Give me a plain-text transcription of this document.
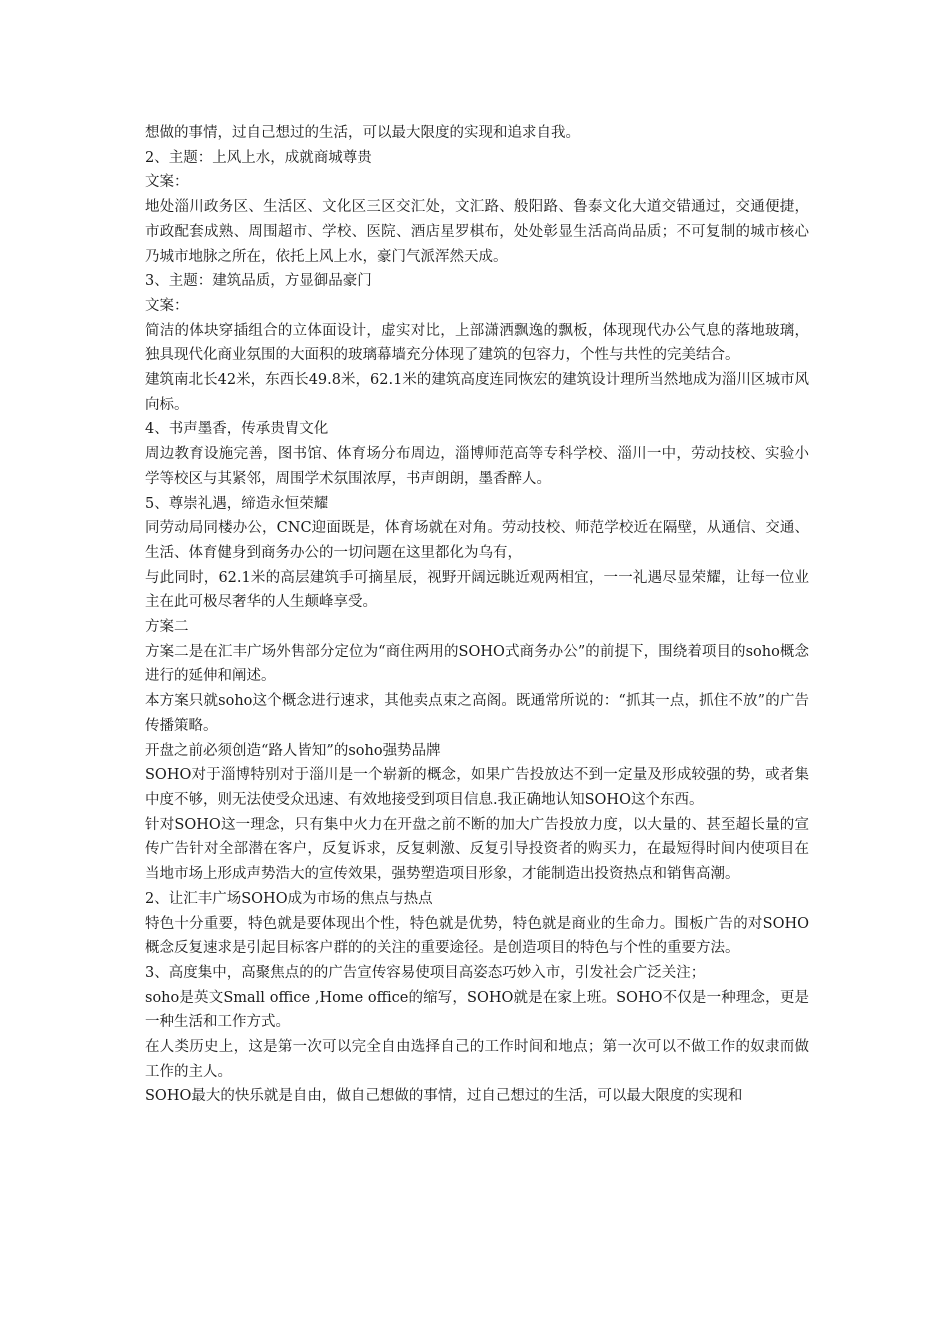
想做的事情，过自己想过的生活，可以最大限度的实现和追求自我。

2、主题：上风上水，成就商城尊贵

文案：

地处淄川政务区、生活区、文化区三区交汇处，文汇路、般阳路、鲁泰文化大道交错通过，交通便捷，市政配套成熟、周围超市、学校、医院、酒店星罗棋布，处处彰显生活高尚品质；不可复制的城市核心乃城市地脉之所在，依托上风上水，豪门气派浑然天成。

3、主题：建筑品质，方显御品豪门

文案：

简洁的体块穿插组合的立体面设计，虚实对比，上部潇洒飘逸的飘板，体现现代办公气息的落地玻璃，独具现代化商业氛围的大面积的玻璃幕墙充分体现了建筑的包容力，个性与共性的完美结合。

建筑南北长42米，东西长49.8米，62.1米的建筑高度连同恢宏的建筑设计理所当然地成为淄川区城市风向标。

4、书声墨香，传承贵胄文化

周边教育设施完善，图书馆、体育场分布周边，淄博师范高等专科学校、淄川一中，劳动技校、实验小学等校区与其紧邻，周围学术氛围浓厚，书声朗朗，墨香醉人。

5、尊崇礼遇，缔造永恒荣耀

同劳动局同楼办公，CNC迎面既是，体育场就在对角。劳动技校、师范学校近在隔壁，从通信、交通、生活、体育健身到商务办公的一切问题在这里都化为乌有，

与此同时，62.1米的高层建筑手可摘星辰，视野开阔远眺近观两相宜，一一礼遇尽显荣耀，让每一位业主在此可极尽奢华的人生颠峰享受。

方案二

方案二是在汇丰广场外售部分定位为“商住两用的SOHO式商务办公”的前提下，围绕着项目的soho概念进行的延伸和阐述。

本方案只就soho这个概念进行速求，其他卖点束之高阁。既通常所说的：“抓其一点，抓住不放”的广告传播策略。

开盘之前必须创造“路人皆知”的soho强势品牌

SOHO对于淄博特别对于淄川是一个崭新的概念，如果广告投放达不到一定量及形成较强的势，或者集中度不够，则无法使受众迅速、有效地接受到项目信息.我正确地认知SOHO这个东西。

针对SOHO这一理念，只有集中火力在开盘之前不断的加大广告投放力度，以大量的、甚至超长量的宣传广告针对全部潜在客户，反复诉求，反复刺激、反复引导投资者的购买力，在最短得时间内使项目在当地市场上形成声势浩大的宣传效果，强势塑造项目形象，才能制造出投资热点和销售高潮。

2、让汇丰广场SOHO成为市场的焦点与热点

特色十分重要，特色就是要体现出个性，特色就是优势，特色就是商业的生命力。围板广告的对SOHO概念反复速求是引起目标客户群的的关注的重要途径。是创造项目的特色与个性的重要方法。

3、高度集中，高聚焦点的的广告宣传容易使项目高姿态巧妙入市，引发社会广泛关注；

soho是英文Small office ,Home office的缩写，SOHO就是在家上班。SOHO不仅是一种理念，更是一种生活和工作方式。

在人类历史上，这是第一次可以完全自由选择自己的工作时间和地点；第一次可以不做工作的奴隶而做工作的主人。

SOHO最大的快乐就是自由，做自己想做的事情，过自己想过的生活，可以最大限度的实现和
